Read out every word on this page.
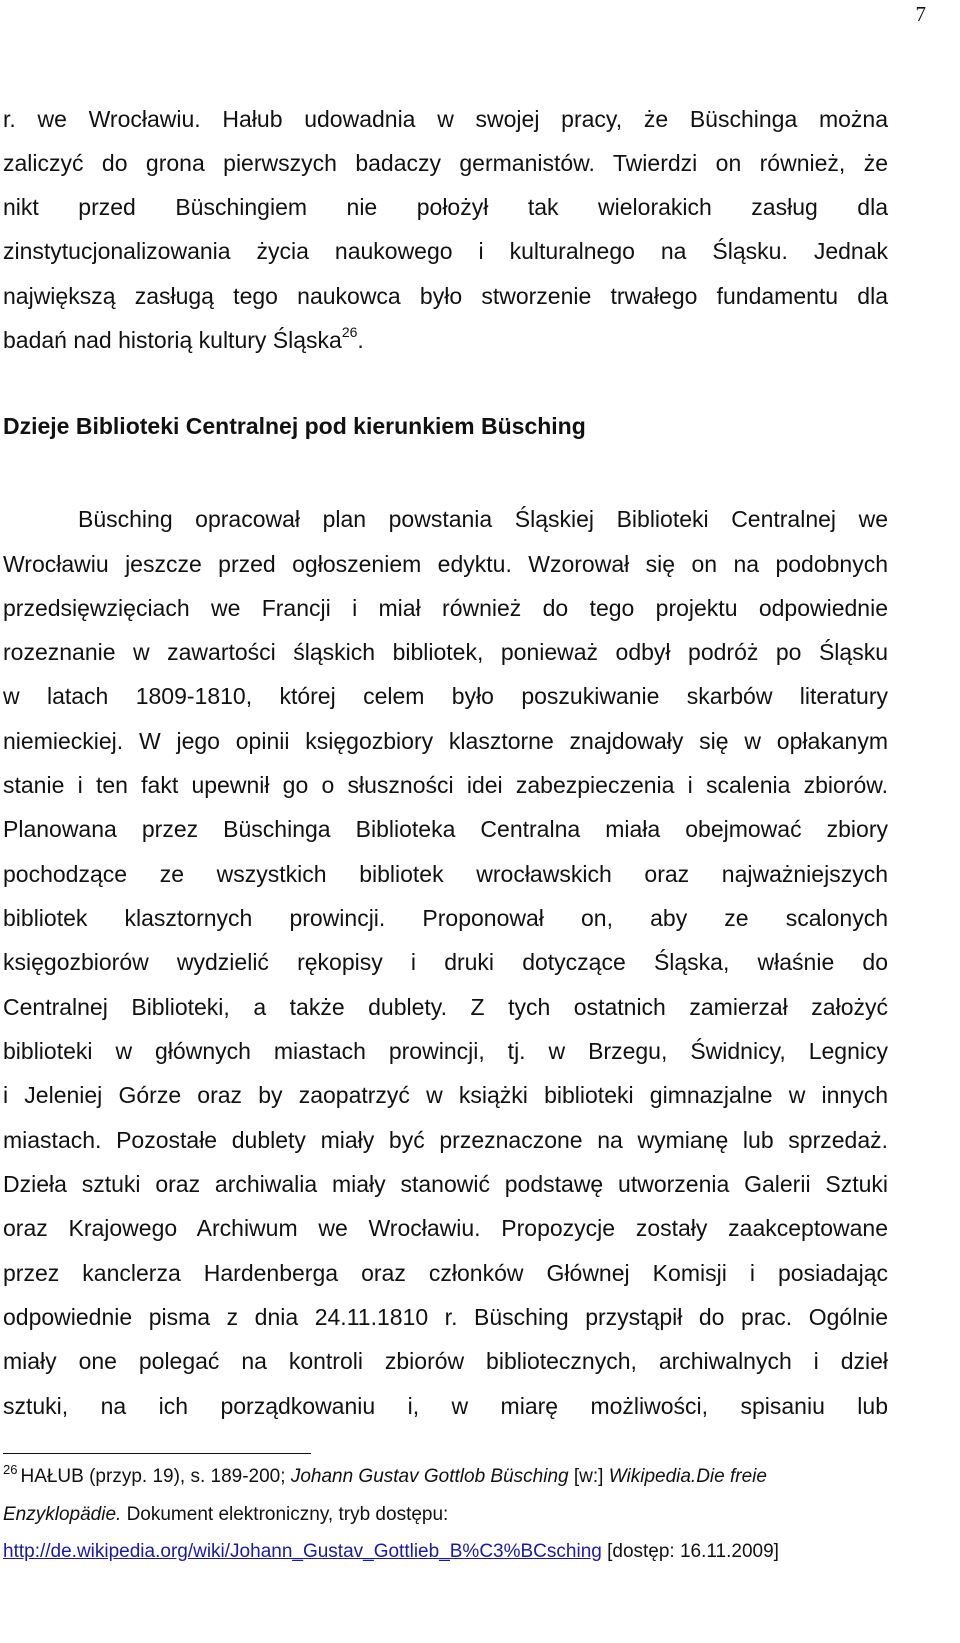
7
r. we Wrocławiu. Hałub udowadnia w swojej pracy, że Büschinga można
zaliczyć do grona pierwszych badaczy germanistów. Twierdzi on również, że
nikt przed Büschingiem nie położył tak wielorakich zasług dla
zinstytucjonalizowania życia naukowego i kulturalnego na Śląsku. Jednak
największą zasługą tego naukowca było stworzenie trwałego fundamentu dla
badań nad historią kultury Śląska$^{26}$.
Dzieje Biblioteki Centralnej pod kierunkiem Büsching
Büsching opracował plan powstania Śląskiej Biblioteki Centralnej we
Wrocławiu jeszcze przed ogłoszeniem edyktu. Wzorował się on na podobnych
przedsięwzięciach we Francji i miał również do tego projektu odpowiednie
rozeznanie w zawartości śląskich bibliotek, ponieważ odbył podróż po Śląsku
w latach 1809-1810, której celem było poszukiwanie skarbów literatury
niemieckiej. W jego opinii księgozbiory klasztorne znajdowały się w opłakanym
stanie i ten fakt upewnił go o słuszności idei zabezpieczenia i scalenia zbiorów.
Planowana przez Büschinga Biblioteka Centralna miała obejmować zbiory
pochodzące ze wszystkich bibliotek wrocławskich oraz najważniejszych
bibliotek klasztornych prowincji. Proponował on, aby ze scalonych
księgozbiorów wydzielić rękopisy i druki dotyczące Śląska, właśnie do
Centralnej Biblioteki, a także dublety. Z tych ostatnich zamierzał założyć
biblioteki w głównych miastach prowincji, tj. w Brzegu, Świdnicy, Legnicy
i Jeleniej Górze oraz by zaopatrzyć w książki biblioteki gimnazjalne w innych
miastach. Pozostałe dublety miały być przeznaczone na wymianę lub sprzedaż.
Dzieła sztuki oraz archiwalia miały stanowić podstawę utworzenia Galerii Sztuki
oraz Krajowego Archiwum we Wrocławiu. Propozycje zostały zaakceptowane
przez kanclerza Hardenberga oraz członków Głównej Komisji i posiadając
odpowiednie pisma z dnia 24.11.1810 r. Büsching przystąpił do prac. Ogólnie
miały one polegać na kontroli zbiorów bibliotecznych, archiwalnych i dzieł
sztuki, na ich porządkowaniu i, w miarę możliwości, spisaniu lub
$^{26}$ HAŁUB (przyp. 19), s. 189-200; Johann Gustav Gottlob Büsching [w:] Wikipedia.Die freie
Enzyklopädie. Dokument elektroniczny, tryb dostępu:
http://de.wikipedia.org/wiki/Johann_Gustav_Gottlieb_B%C3%BCsching [dostęp: 16.11.2009]
